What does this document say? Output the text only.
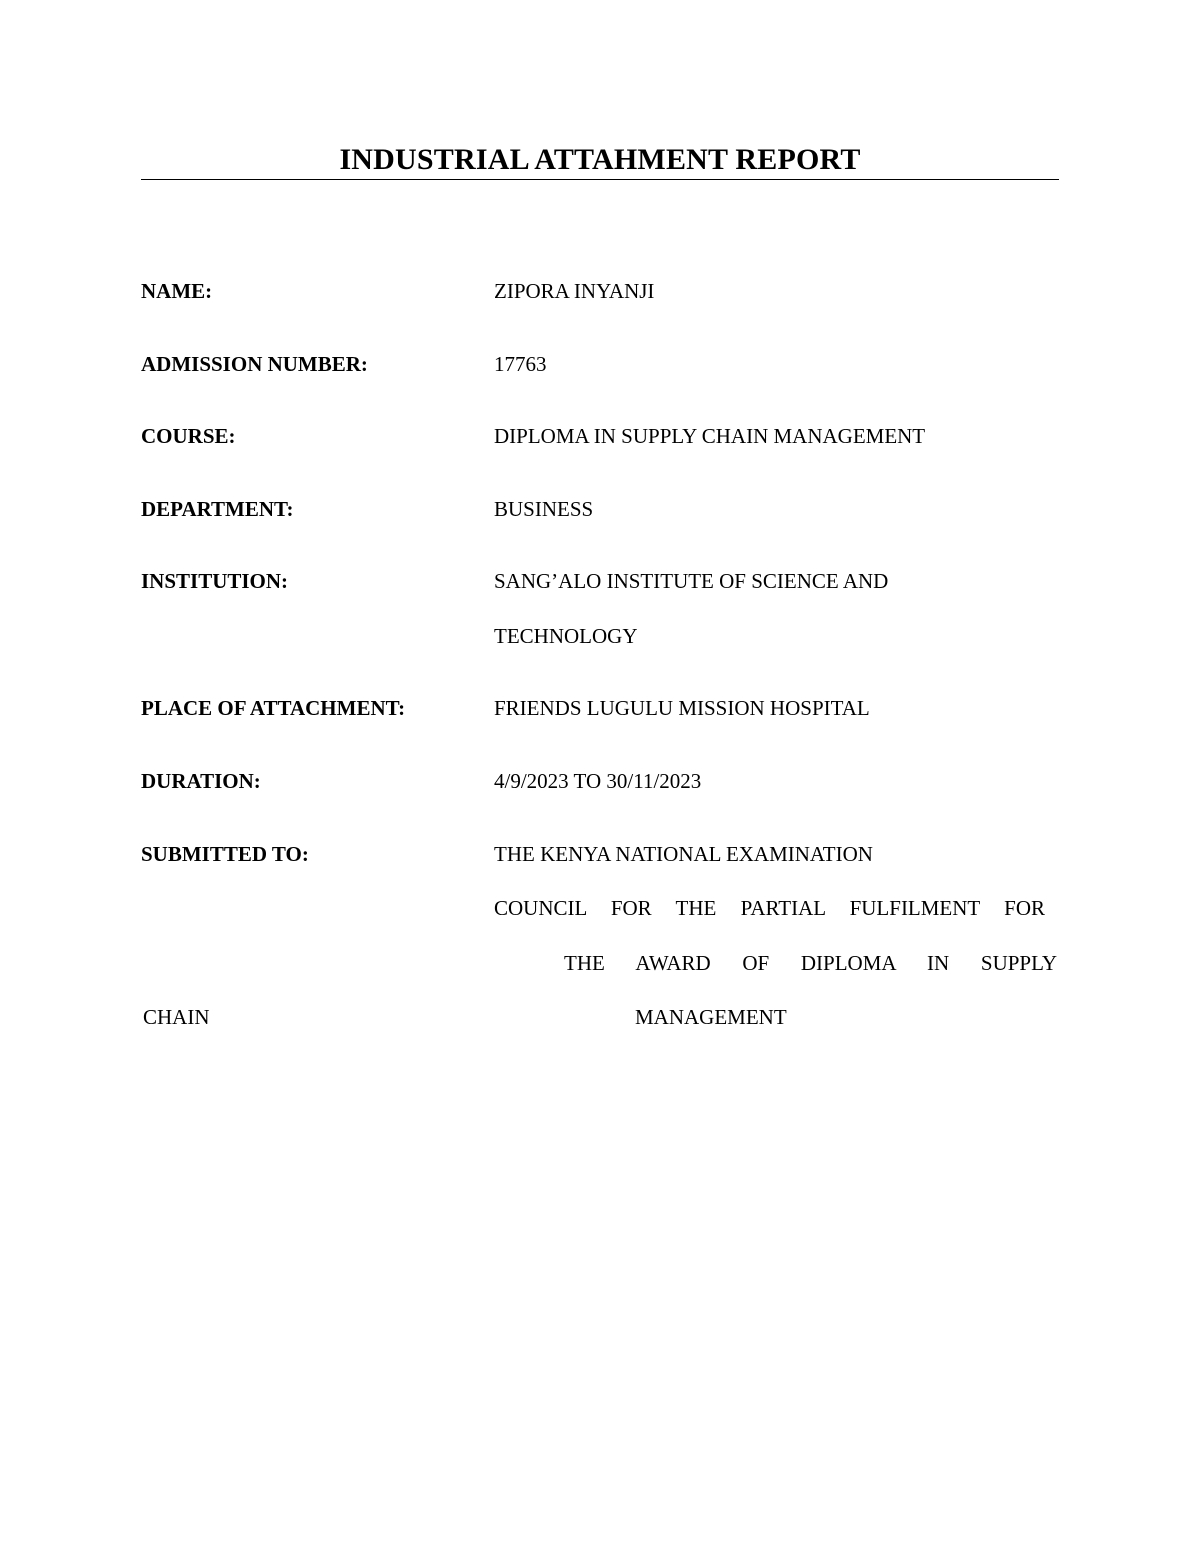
INDUSTRIAL ATTAHMENT REPORT
NAME:	ZIPORA INYANJI
ADMISSION NUMBER:	17763
COURSE:	DIPLOMA IN SUPPLY CHAIN MANAGEMENT
DEPARTMENT:	BUSINESS
INSTITUTION:	SANG’ALO INSTITUTE OF SCIENCE AND
TECHNOLOGY
PLACE OF ATTACHMENT:	FRIENDS LUGULU MISSION HOSPITAL
DURATION:	4/9/2023 TO 30/11/2023
SUBMITTED TO:	THE KENYA NATIONAL EXAMINATION
COUNCIL FOR THE PARTIAL FULFILMENT FOR
THE AWARD OF DIPLOMA IN SUPPLY
CHAIN	MANAGEMENT
